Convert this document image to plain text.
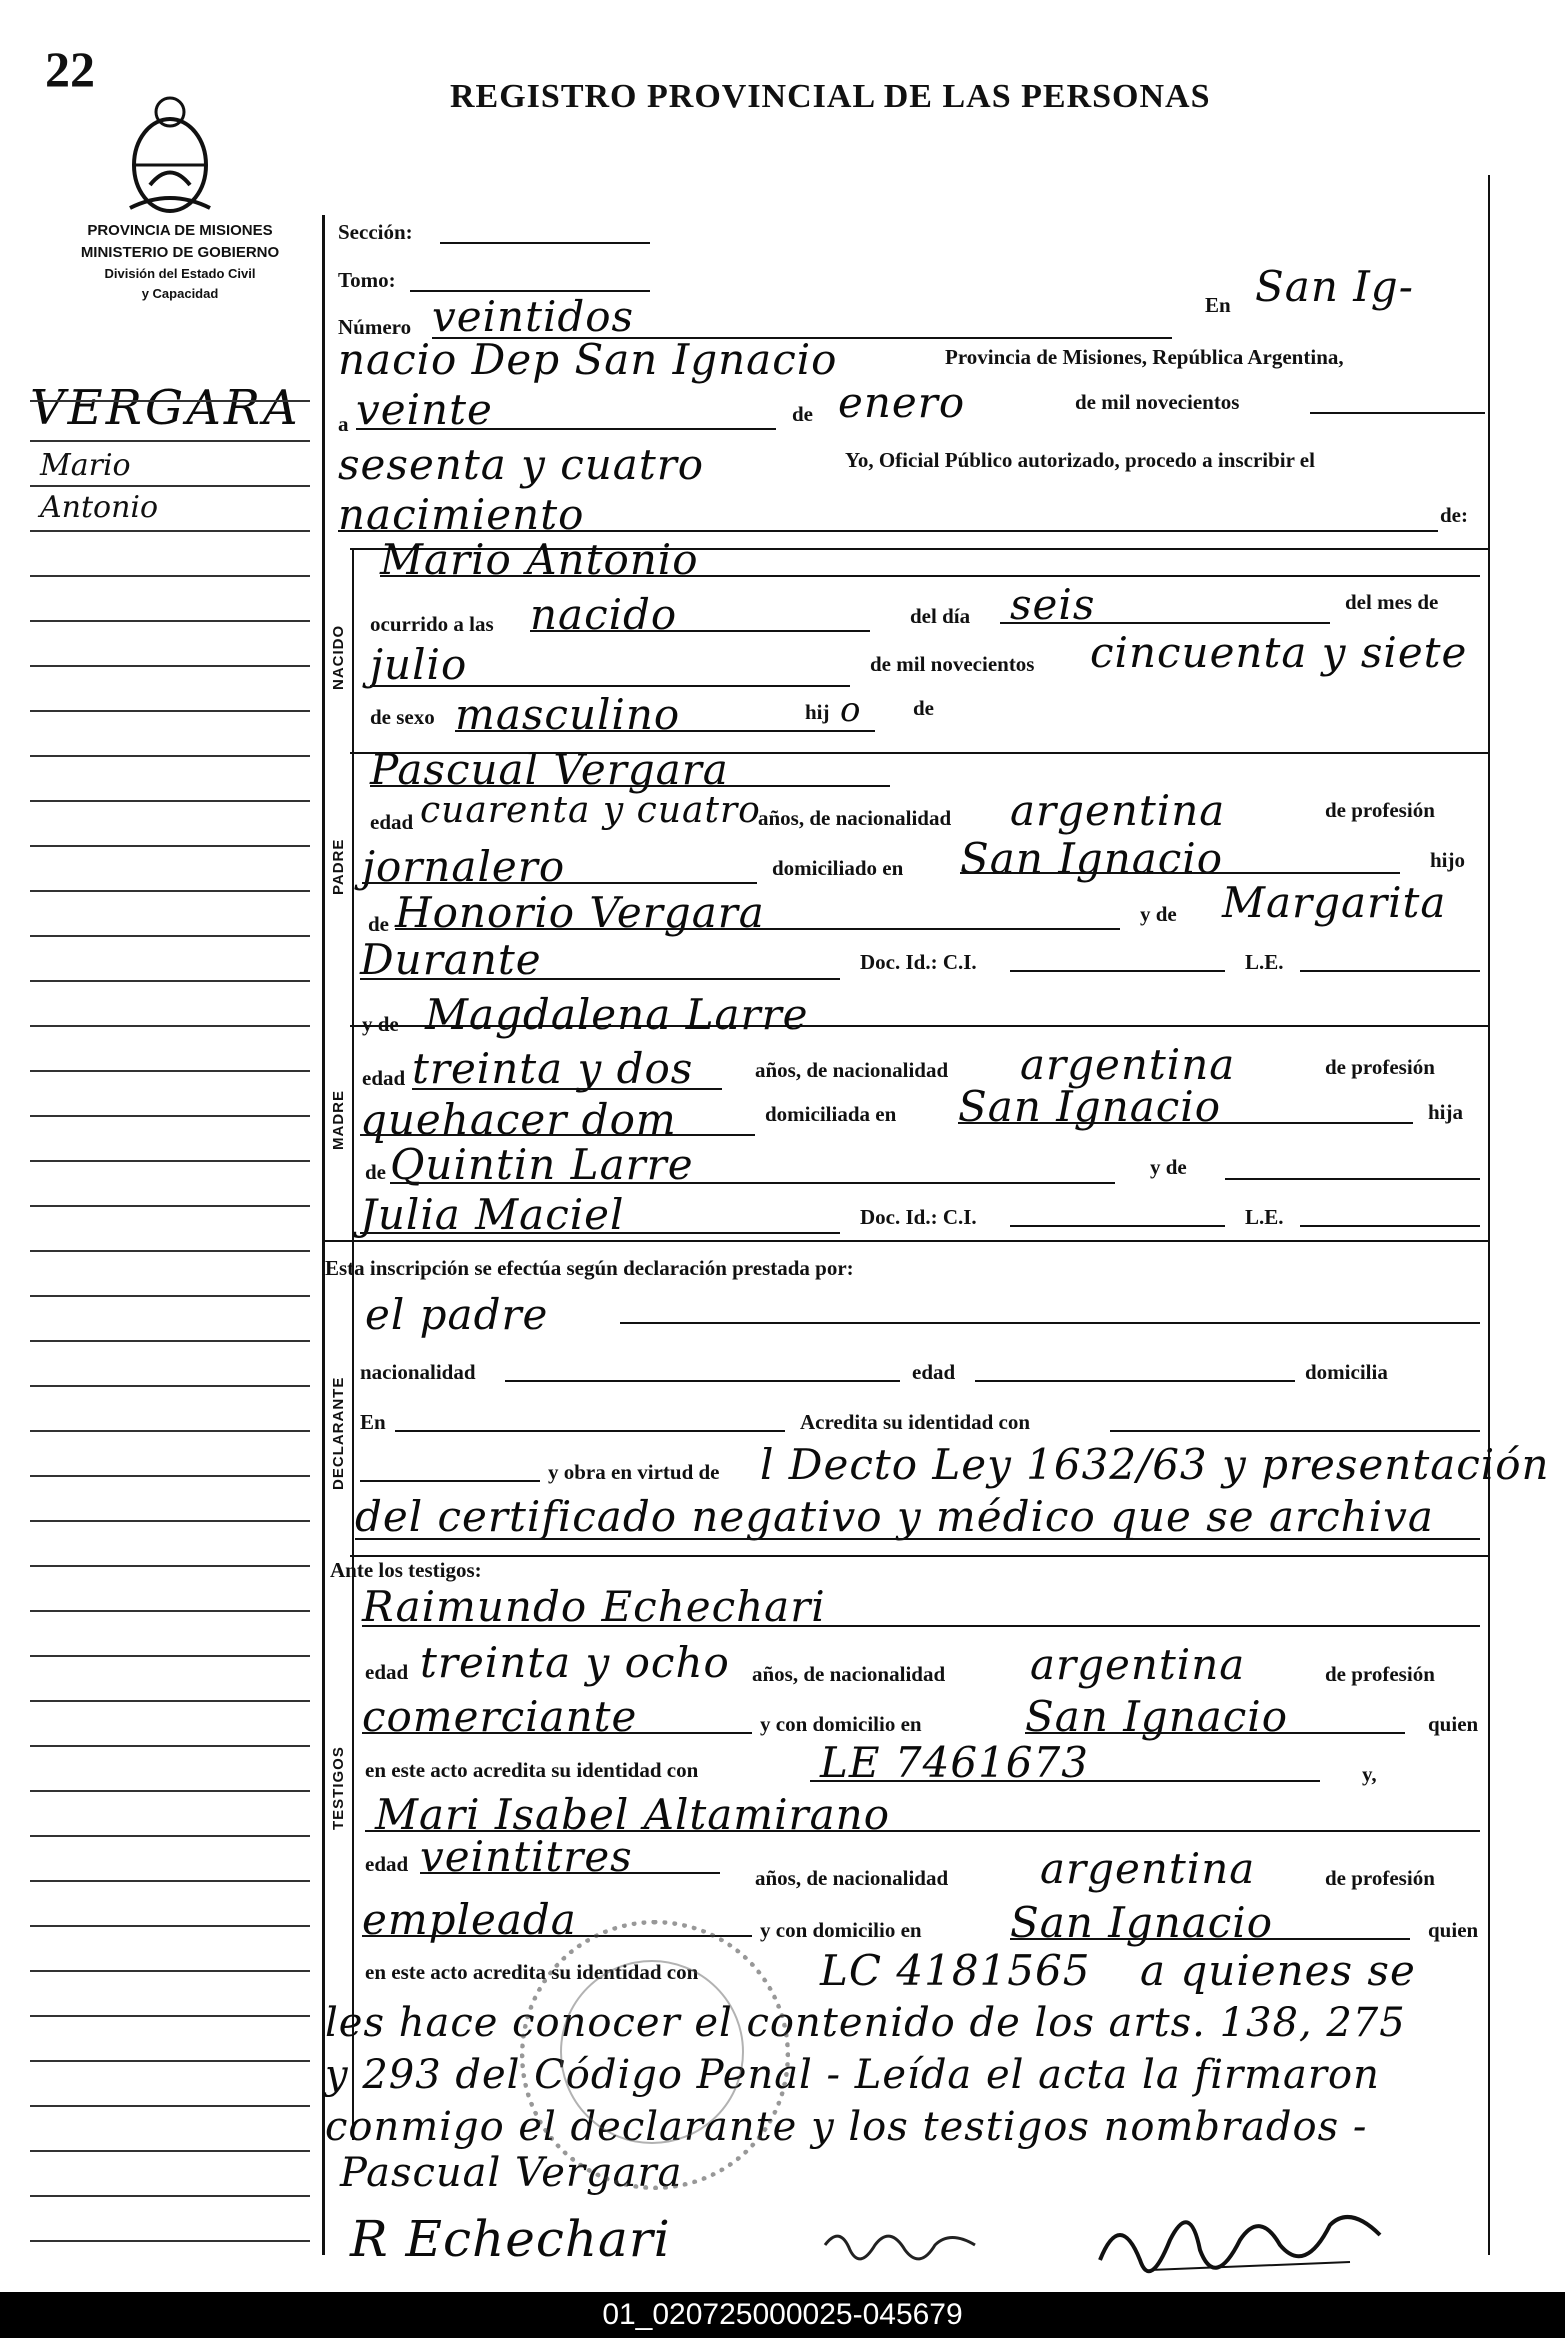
22	REGISTRO PROVINCIAL DE LAS PERSONAS
PROVINCIA DE MISIONES
MINISTERIO DE GOBIERNO
División del Estado Civil
y Capacidad
VERGARA
Mario
Antonio
NACIDO
PADRE
MADRE
DECLARANTE
TESTIGOS
Sección:
Tomo:
Número veintidos	En San Ig-
nacio Dep San Ignacio	Provincia de Misiones, República Argentina,
a veinte	de enero	de mil novecientos
sesenta y cuatro	Yo, Oficial Público autorizado, procedo a inscribir el
nacimiento	de:
Mario Antonio
ocurrido a las nacido	del día seis	del mes de
julio	de mil novecientos cincuenta y siete
de sexo masculino	hij o de
Pascual Vergara
edad cuarenta y cuatro
años, de nacionalidad argentina	de profesión
jornalero	domiciliado en San Ignacio	hijo
de Honorio Vergara	y de Margarita
Durante	Doc. Id.: C.I.	L.E.
y de Magdalena Larre
edad treinta y dos	años, de nacionalidad argentina	de profesión
quehacer dom	domiciliada en San Ignacio	hija
de Quintin Larre	y de
Julia Maciel	Doc. Id.: C.I.	L.E.
Esta inscripción se efectúa según declaración prestada por:
el padre
nacionalidad	edad	domicilia
En	Acredita su identidad con
y obra en virtud de l Decto Ley 1632/63 y presentación
del certificado negativo y médico que se archiva
Ante los testigos:
Raimundo Echechari
edad treinta y ocho años, de nacionalidad argentina	de profesión
comerciante	y con domicilio en San Ignacio	quien
en este acto acredita su identidad con	LE 7461673	y,
Mari Isabel Altamirano
edad veintitres	años, de nacionalidad argentina	de profesión
empleada	y con domicilio en San Ignacio	quien
en este acto acredita su identidad con	LC 4181565 a quienes se
les hace conocer el contenido de los arts. 138, 275
y 293 del Código Penal - Leída el acta la firmaron
conmigo el declarante y los testigos nombrados -
Pascual Vergara
R Echechari
01_020725000025-045679
